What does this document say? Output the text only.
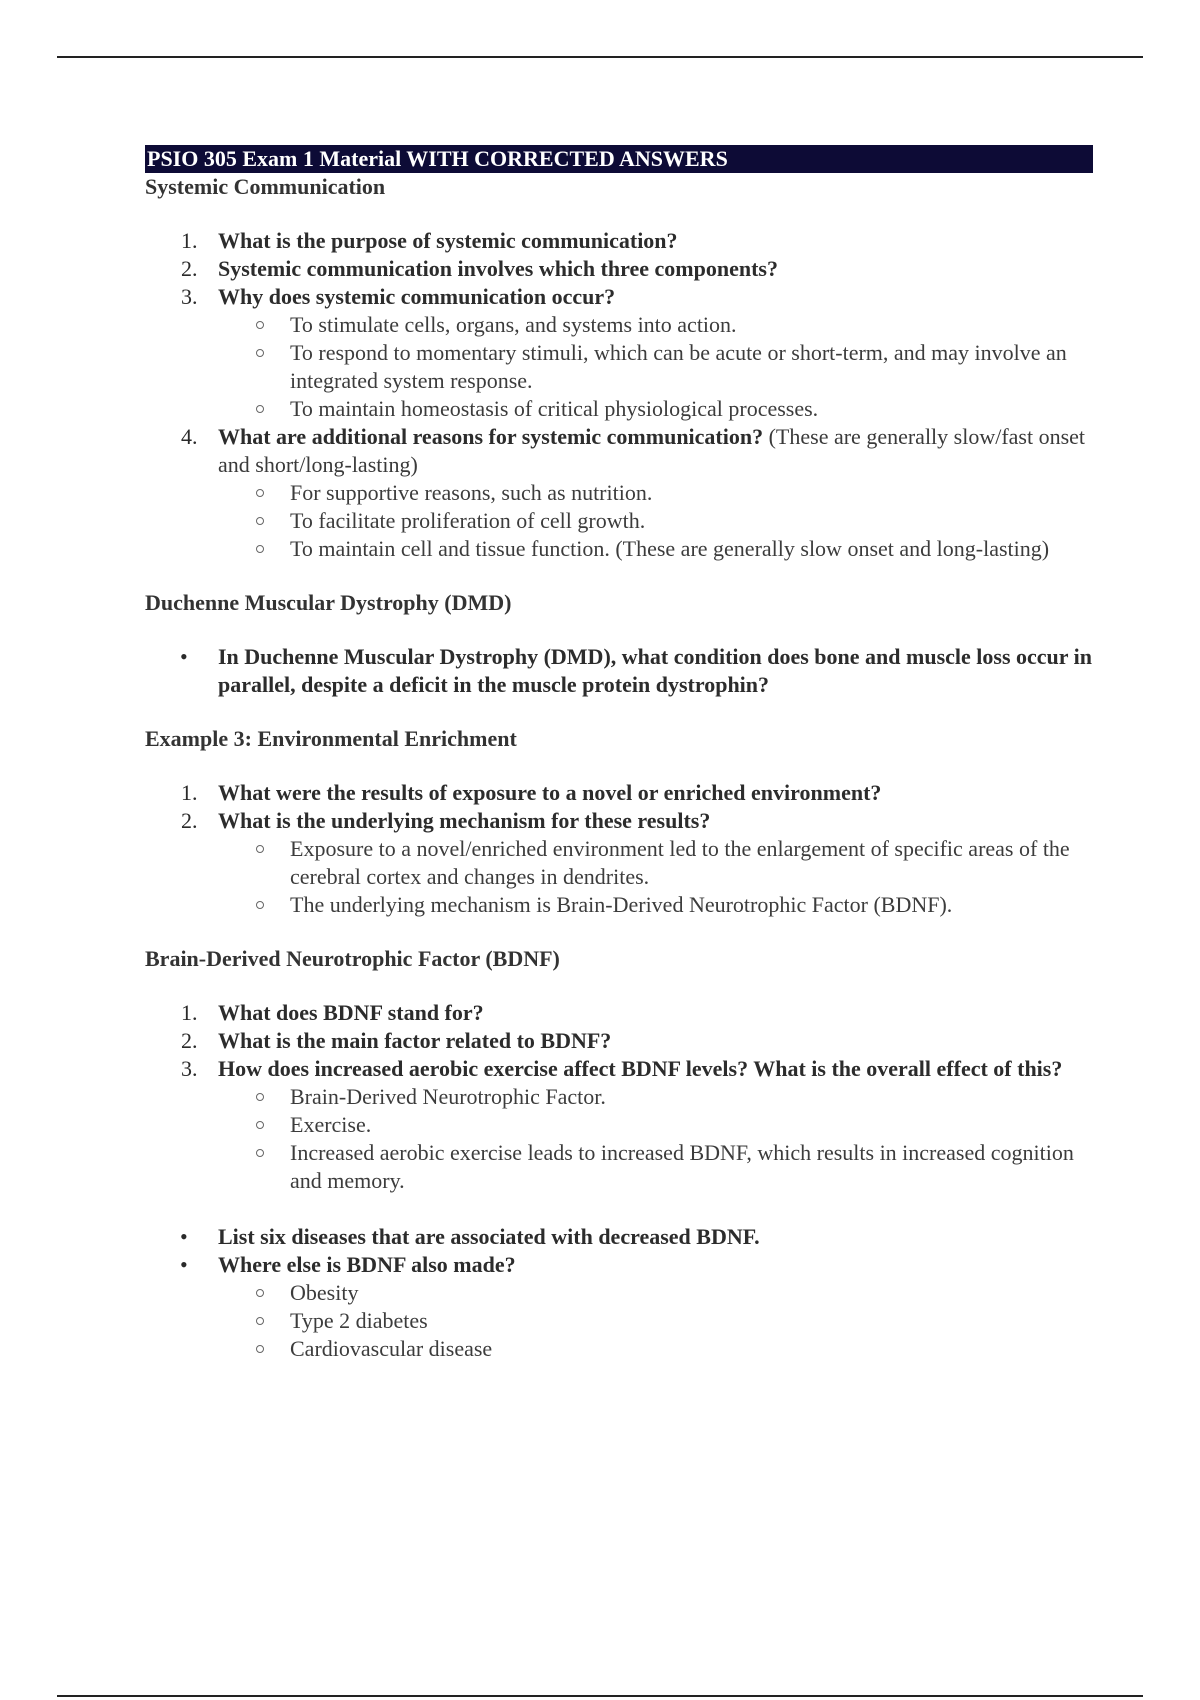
PSIO 305 Exam 1 Material WITH CORRECTED ANSWERS
Systemic Communication
1. What is the purpose of systemic communication?
2. Systemic communication involves which three components?
3. Why does systemic communication occur?
To stimulate cells, organs, and systems into action.
To respond to momentary stimuli, which can be acute or short-term, and may involve an integrated system response.
To maintain homeostasis of critical physiological processes.
4. What are additional reasons for systemic communication? (These are generally slow/fast onset and short/long-lasting)
For supportive reasons, such as nutrition.
To facilitate proliferation of cell growth.
To maintain cell and tissue function. (These are generally slow onset and long-lasting)
Duchenne Muscular Dystrophy (DMD)
• In Duchenne Muscular Dystrophy (DMD), what condition does bone and muscle loss occur in parallel, despite a deficit in the muscle protein dystrophin?
Example 3: Environmental Enrichment
1. What were the results of exposure to a novel or enriched environment?
2. What is the underlying mechanism for these results?
Exposure to a novel/enriched environment led to the enlargement of specific areas of the cerebral cortex and changes in dendrites.
The underlying mechanism is Brain-Derived Neurotrophic Factor (BDNF).
Brain-Derived Neurotrophic Factor (BDNF)
1. What does BDNF stand for?
2. What is the main factor related to BDNF?
3. How does increased aerobic exercise affect BDNF levels? What is the overall effect of this?
Brain-Derived Neurotrophic Factor.
Exercise.
Increased aerobic exercise leads to increased BDNF, which results in increased cognition and memory.
• List six diseases that are associated with decreased BDNF.
• Where else is BDNF also made?
Obesity
Type 2 diabetes
Cardiovascular disease
